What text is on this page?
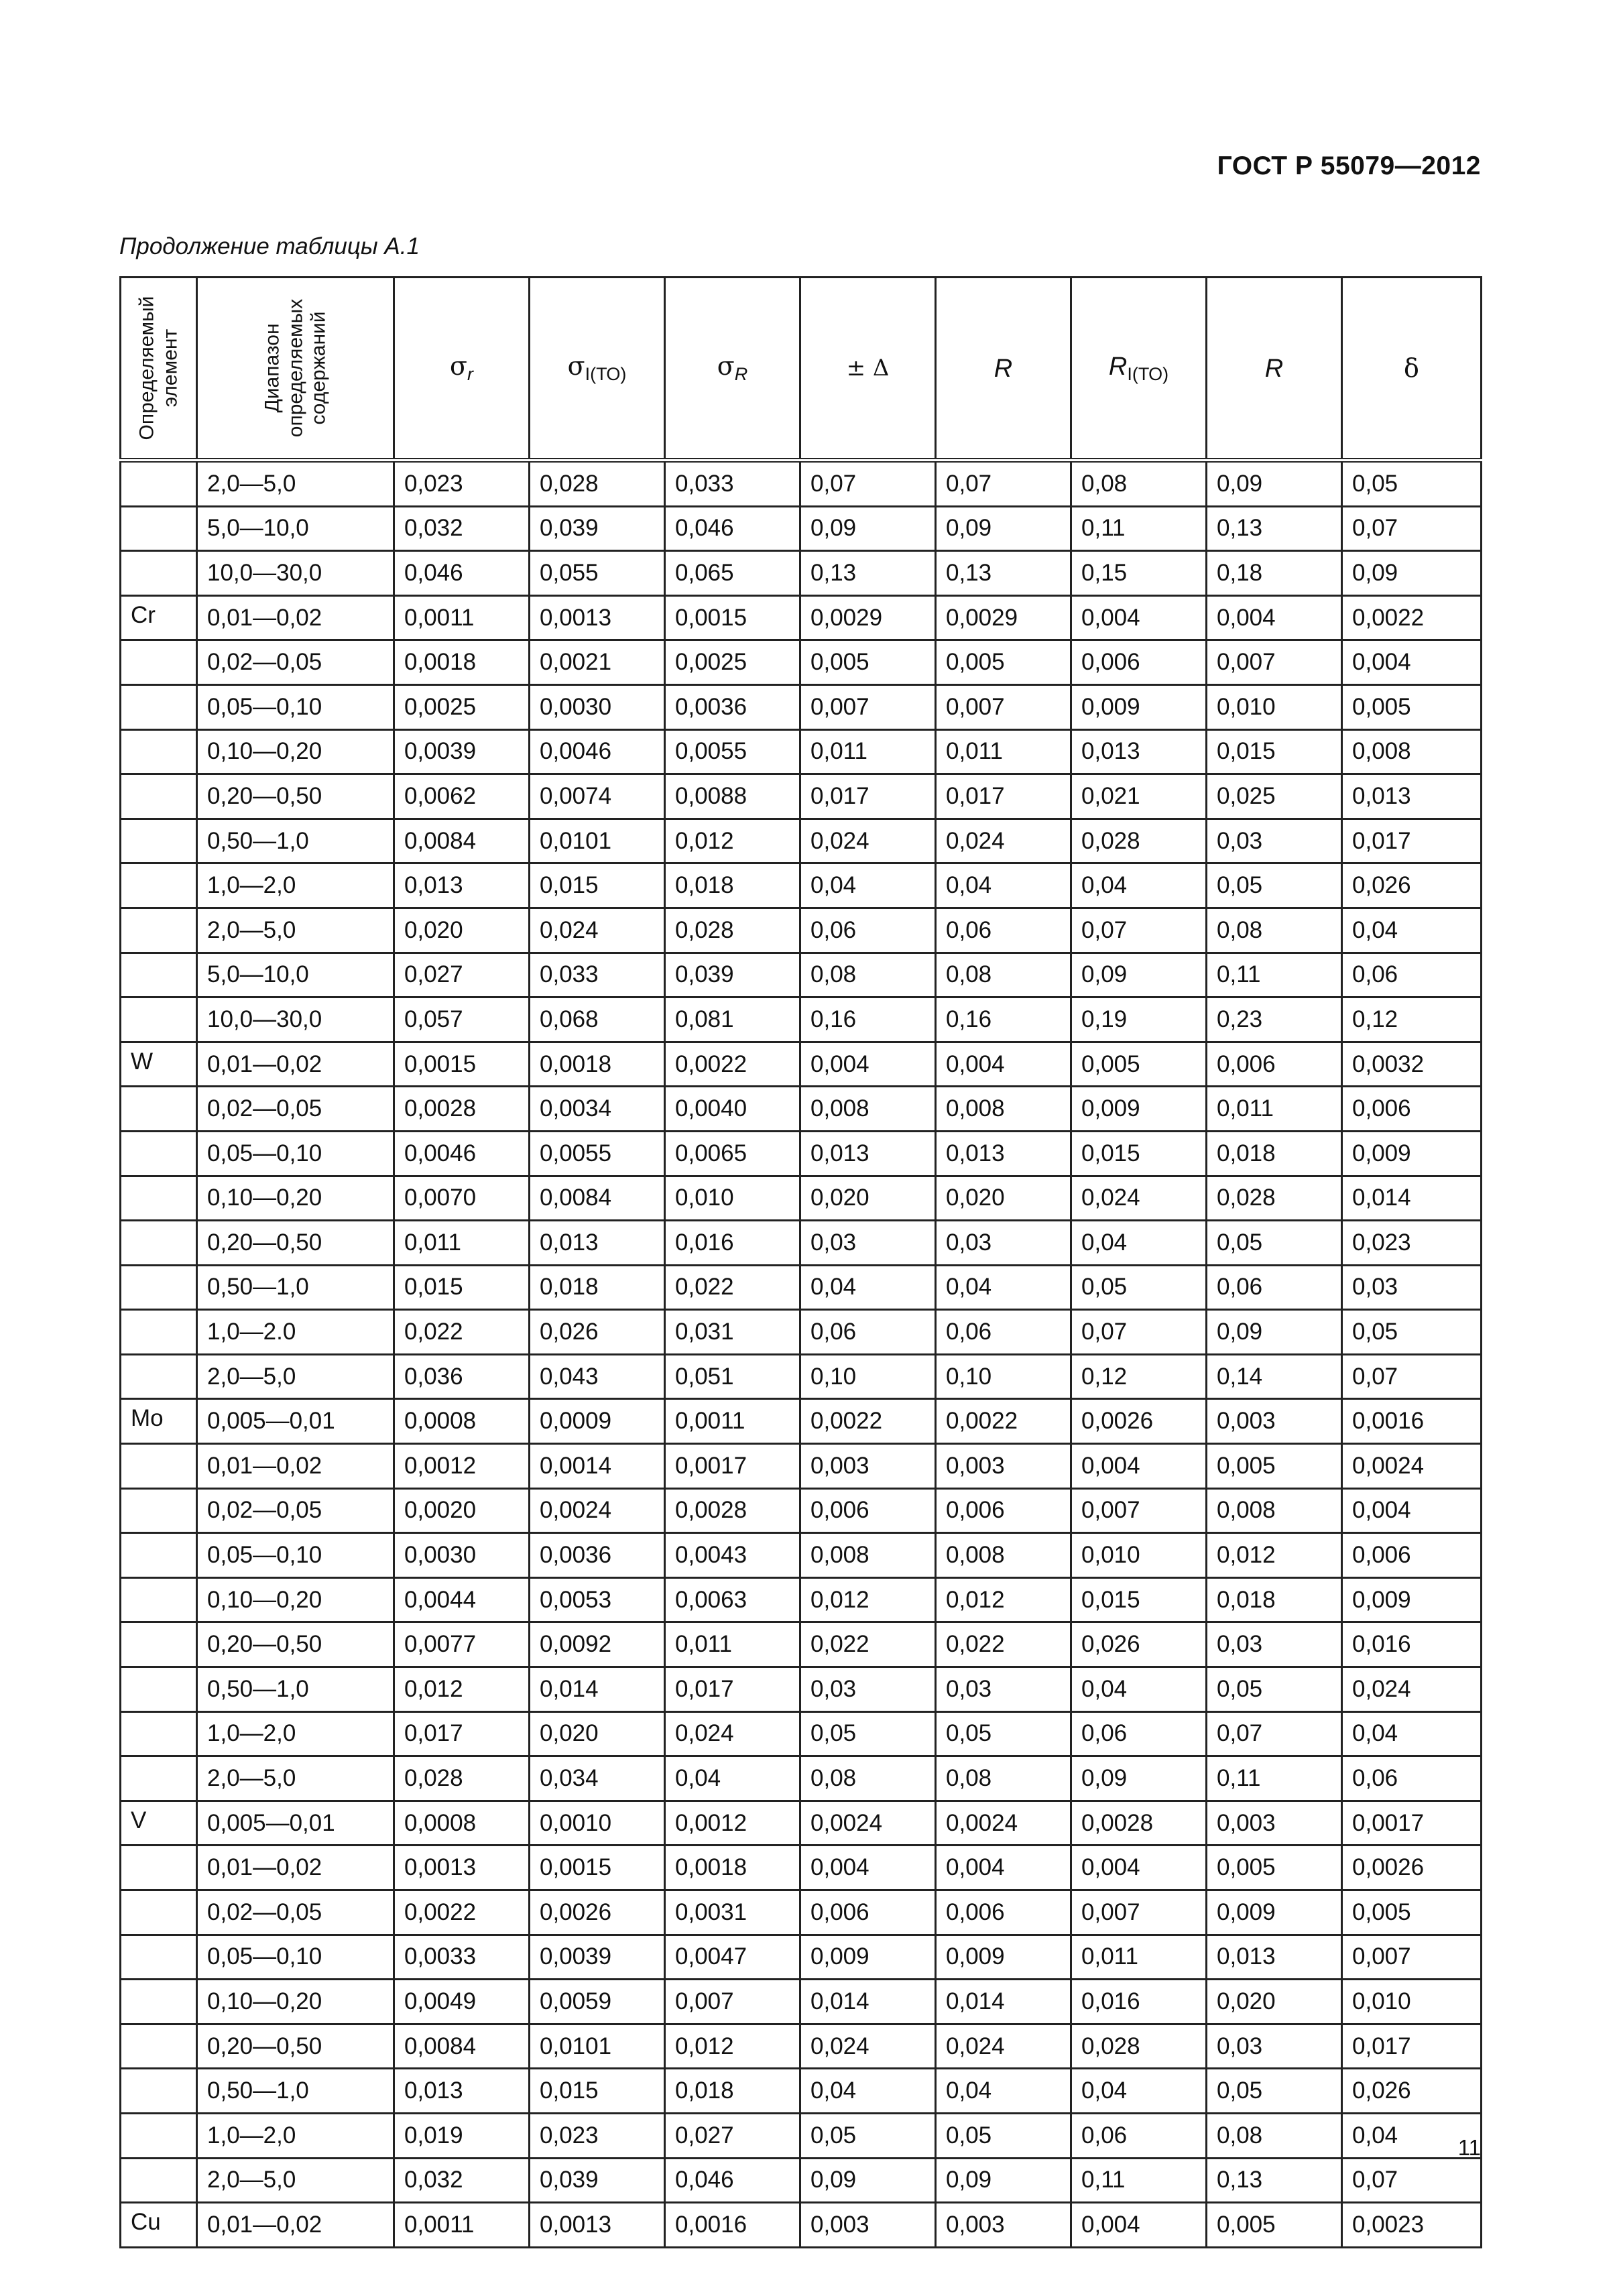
ГОСТ Р 55079—2012
Продолжение таблицы А.1
Определяемый элемент	Диапазон определяемых содержаний	σr	σI(ТО)	σR	± Δ	R	RI(ТО)	R	δ
	2,0—5,0	0,023	0,028	0,033	0,07	0,07	0,08	0,09	0,05
	5,0—10,0	0,032	0,039	0,046	0,09	0,09	0,11	0,13	0,07
	10,0—30,0	0,046	0,055	0,065	0,13	0,13	0,15	0,18	0,09
Cr	0,01—0,02	0,0011	0,0013	0,0015	0,0029	0,0029	0,004	0,004	0,0022
	0,02—0,05	0,0018	0,0021	0,0025	0,005	0,005	0,006	0,007	0,004
	0,05—0,10	0,0025	0,0030	0,0036	0,007	0,007	0,009	0,010	0,005
	0,10—0,20	0,0039	0,0046	0,0055	0,011	0,011	0,013	0,015	0,008
	0,20—0,50	0,0062	0,0074	0,0088	0,017	0,017	0,021	0,025	0,013
	0,50—1,0	0,0084	0,0101	0,012	0,024	0,024	0,028	0,03	0,017
	1,0—2,0	0,013	0,015	0,018	0,04	0,04	0,04	0,05	0,026
	2,0—5,0	0,020	0,024	0,028	0,06	0,06	0,07	0,08	0,04
	5,0—10,0	0,027	0,033	0,039	0,08	0,08	0,09	0,11	0,06
	10,0—30,0	0,057	0,068	0,081	0,16	0,16	0,19	0,23	0,12
W	0,01—0,02	0,0015	0,0018	0,0022	0,004	0,004	0,005	0,006	0,0032
	0,02—0,05	0,0028	0,0034	0,0040	0,008	0,008	0,009	0,011	0,006
	0,05—0,10	0,0046	0,0055	0,0065	0,013	0,013	0,015	0,018	0,009
	0,10—0,20	0,0070	0,0084	0,010	0,020	0,020	0,024	0,028	0,014
	0,20—0,50	0,011	0,013	0,016	0,03	0,03	0,04	0,05	0,023
	0,50—1,0	0,015	0,018	0,022	0,04	0,04	0,05	0,06	0,03
	1,0—2.0	0,022	0,026	0,031	0,06	0,06	0,07	0,09	0,05
	2,0—5,0	0,036	0,043	0,051	0,10	0,10	0,12	0,14	0,07
Mo	0,005—0,01	0,0008	0,0009	0,0011	0,0022	0,0022	0,0026	0,003	0,0016
	0,01—0,02	0,0012	0,0014	0,0017	0,003	0,003	0,004	0,005	0,0024
	0,02—0,05	0,0020	0,0024	0,0028	0,006	0,006	0,007	0,008	0,004
	0,05—0,10	0,0030	0,0036	0,0043	0,008	0,008	0,010	0,012	0,006
	0,10—0,20	0,0044	0,0053	0,0063	0,012	0,012	0,015	0,018	0,009
	0,20—0,50	0,0077	0,0092	0,011	0,022	0,022	0,026	0,03	0,016
	0,50—1,0	0,012	0,014	0,017	0,03	0,03	0,04	0,05	0,024
	1,0—2,0	0,017	0,020	0,024	0,05	0,05	0,06	0,07	0,04
	2,0—5,0	0,028	0,034	0,04	0,08	0,08	0,09	0,11	0,06
V	0,005—0,01	0,0008	0,0010	0,0012	0,0024	0,0024	0,0028	0,003	0,0017
	0,01—0,02	0,0013	0,0015	0,0018	0,004	0,004	0,004	0,005	0,0026
	0,02—0,05	0,0022	0,0026	0,0031	0,006	0,006	0,007	0,009	0,005
	0,05—0,10	0,0033	0,0039	0,0047	0,009	0,009	0,011	0,013	0,007
	0,10—0,20	0,0049	0,0059	0,007	0,014	0,014	0,016	0,020	0,010
	0,20—0,50	0,0084	0,0101	0,012	0,024	0,024	0,028	0,03	0,017
	0,50—1,0	0,013	0,015	0,018	0,04	0,04	0,04	0,05	0,026
	1,0—2,0	0,019	0,023	0,027	0,05	0,05	0,06	0,08	0,04
	2,0—5,0	0,032	0,039	0,046	0,09	0,09	0,11	0,13	0,07
Cu	0,01—0,02	0,0011	0,0013	0,0016	0,003	0,003	0,004	0,005	0,0023
11
